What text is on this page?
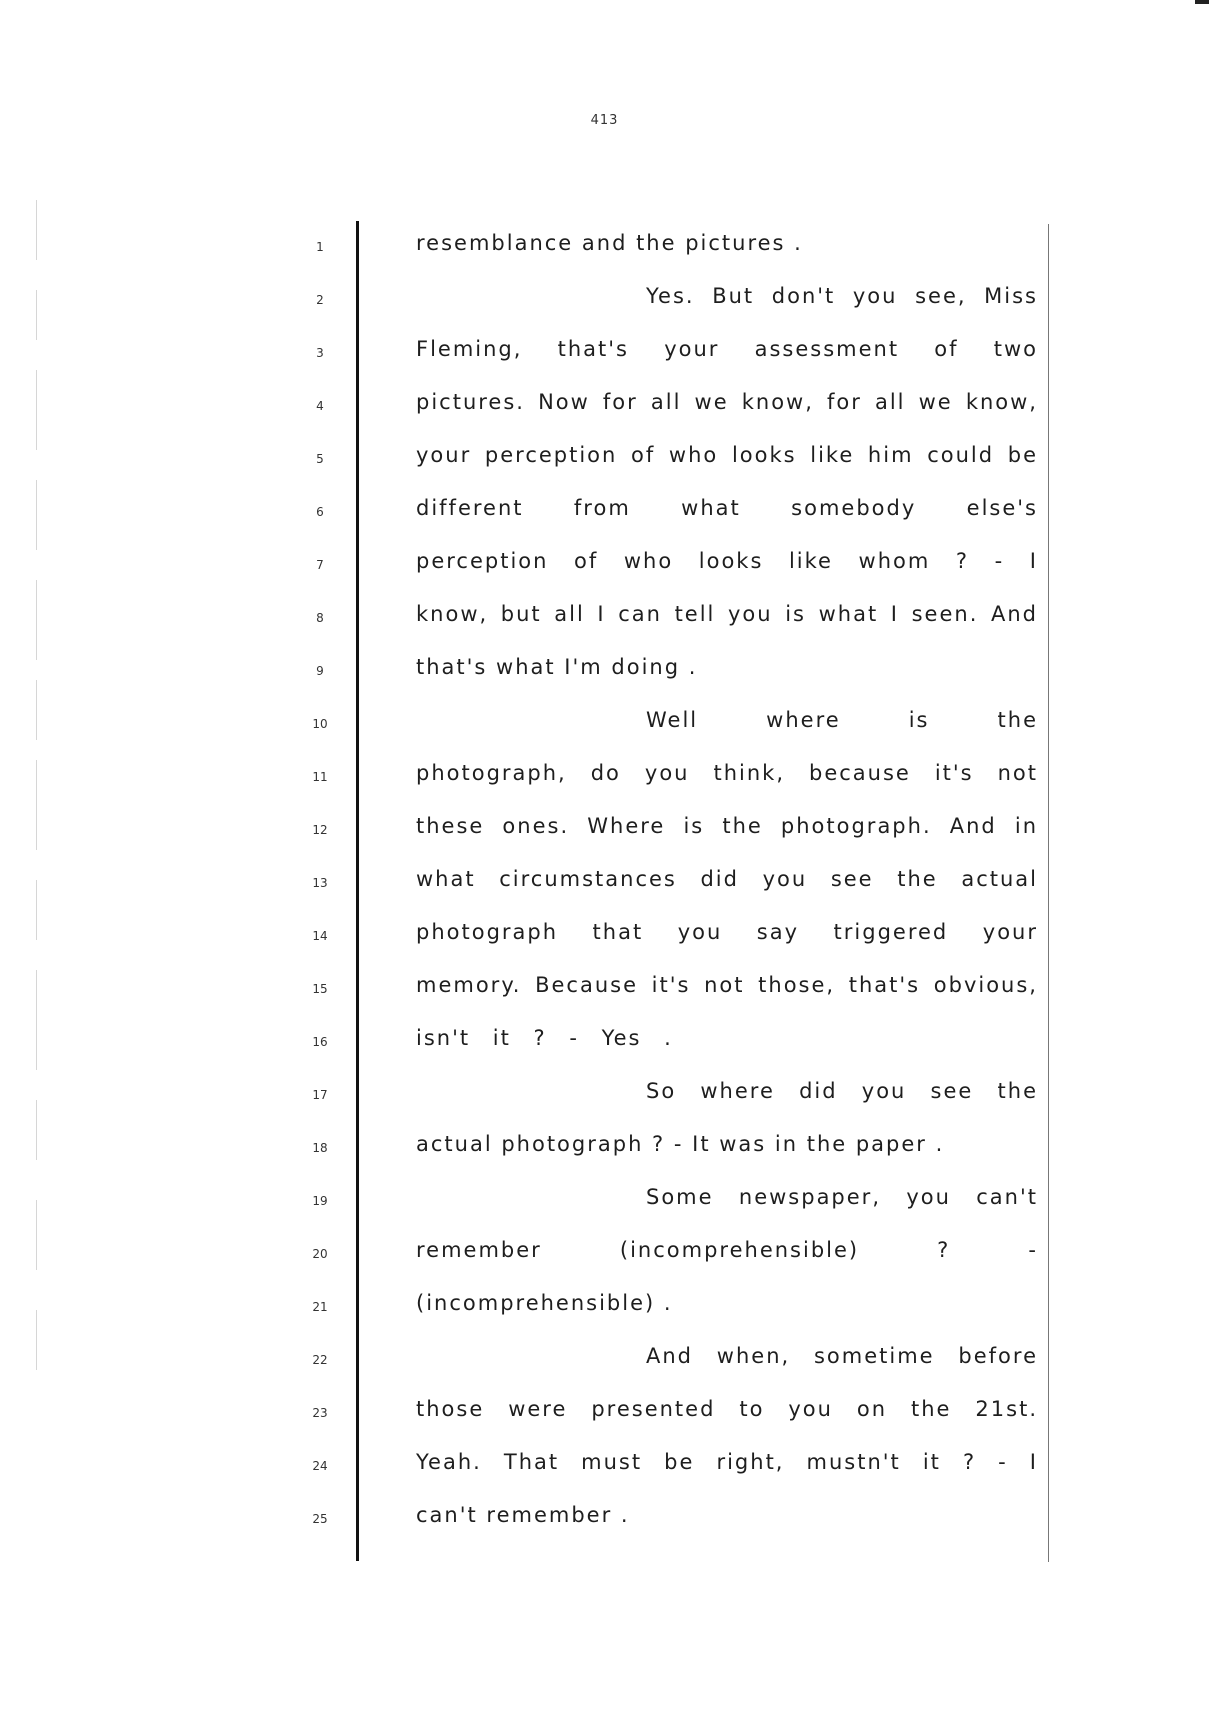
413
1
2
3
4
5
6
7
8
9
10
11
12
13
14
15
16
17
18
19
20
21
22
23
24
25
resemblance and the pictures .
Yes. But don't you see, Miss
Fleming, that's your assessment of two
pictures. Now for all we know, for all we know,
your perception of who looks like him could be
different from what somebody else's
perception of who looks like whom ? - I
know, but all I can tell you is what I seen. And
that's what I'm doing .
Well where is the
photograph, do you think, because it's not
these ones. Where is the photograph. And in
what circumstances did you see the actual
photograph that you say triggered your
memory. Because it's not those, that's obvious,
isn't it ? - Yes .
So where did you see the
actual photograph ? - It was in the paper .
Some newspaper, you can't
remember (incomprehensible) ? -
(incomprehensible) .
And when, sometime before
those were presented to you on the 21st.
Yeah. That must be right, mustn't it ? - I
can't remember .
